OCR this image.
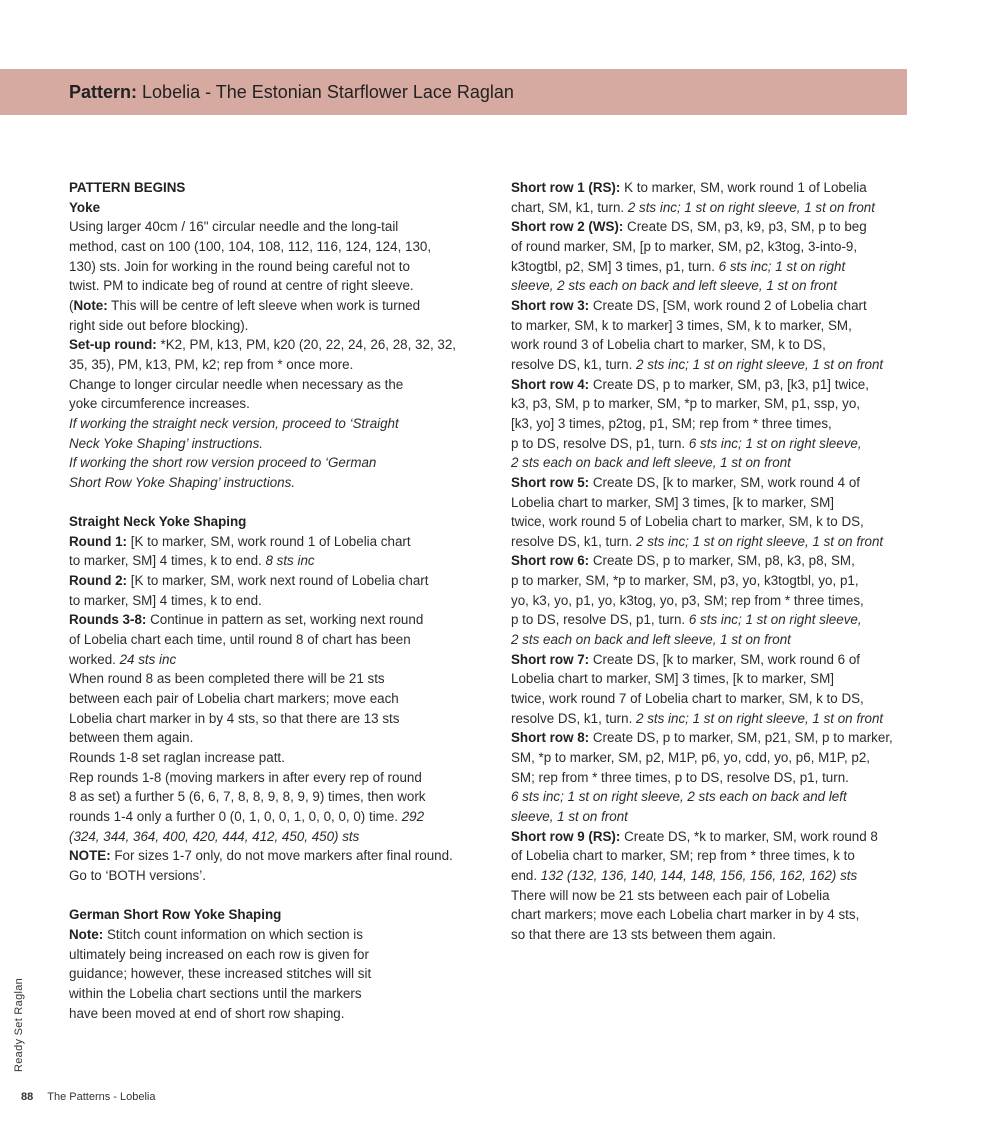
Pattern: Lobelia - The Estonian Starflower Lace Raglan
PATTERN BEGINS
Yoke
Using larger 40cm / 16" circular needle and the long-tail
method, cast on 100 (100, 104, 108, 112, 116, 124, 124, 130,
130) sts. Join for working in the round being careful not to
twist. PM to indicate beg of round at centre of right sleeve.
(Note: This will be centre of left sleeve when work is turned
right side out before blocking).
Set-up round: *K2, PM, k13, PM, k20 (20, 22, 24, 26, 28, 32, 32,
35, 35), PM, k13, PM, k2; rep from * once more.
Change to longer circular needle when necessary as the
yoke circumference increases.
If working the straight neck version, proceed to ‘Straight
Neck Yoke Shaping’ instructions.
If working the short row version proceed to ‘German
Short Row Yoke Shaping’ instructions.
Straight Neck Yoke Shaping
Round 1: [K to marker, SM, work round 1 of Lobelia chart
to marker, SM] 4 times, k to end. 8 sts inc
Round 2: [K to marker, SM, work next round of Lobelia chart
to marker, SM] 4 times, k to end.
Rounds 3-8: Continue in pattern as set, working next round
of Lobelia chart each time, until round 8 of chart has been
worked. 24 sts inc
When round 8 as been completed there will be 21 sts
between each pair of Lobelia chart markers; move each
Lobelia chart marker in by 4 sts, so that there are 13 sts
between them again.
Rounds 1-8 set raglan increase patt.
Rep rounds 1-8 (moving markers in after every rep of round
8 as set) a further 5 (6, 6, 7, 8, 8, 9, 8, 9, 9) times, then work
rounds 1-4 only a further 0 (0, 1, 0, 0, 1, 0, 0, 0, 0) time. 292
(324, 344, 364, 400, 420, 444, 412, 450, 450) sts
NOTE: For sizes 1-7 only, do not move markers after final round.
Go to ‘BOTH versions’.
German Short Row Yoke Shaping
Note: Stitch count information on which section is
ultimately being increased on each row is given for
guidance; however, these increased stitches will sit
within the Lobelia chart sections until the markers
have been moved at end of short row shaping.
Short row 1 (RS): K to marker, SM, work round 1 of Lobelia
chart, SM, k1, turn. 2 sts inc; 1 st on right sleeve, 1 st on front
Short row 2 (WS): Create DS, SM, p3, k9, p3, SM, p to beg
of round marker, SM, [p to marker, SM, p2, k3tog, 3-into-9,
k3togtbl, p2, SM] 3 times, p1, turn. 6 sts inc; 1 st on right
sleeve, 2 sts each on back and left sleeve, 1 st on front
Short row 3: Create DS, [SM, work round 2 of Lobelia chart
to marker, SM, k to marker] 3 times, SM, k to marker, SM,
work round 3 of Lobelia chart to marker, SM, k to DS,
resolve DS, k1, turn. 2 sts inc; 1 st on right sleeve, 1 st on front
Short row 4: Create DS, p to marker, SM, p3, [k3, p1] twice,
k3, p3, SM, p to marker, SM, *p to marker, SM, p1, ssp, yo,
[k3, yo] 3 times, p2tog, p1, SM; rep from * three times,
p to DS, resolve DS, p1, turn. 6 sts inc; 1 st on right sleeve,
2 sts each on back and left sleeve, 1 st on front
Short row 5: Create DS, [k to marker, SM, work round 4 of
Lobelia chart to marker, SM] 3 times, [k to marker, SM]
twice, work round 5 of Lobelia chart to marker, SM, k to DS,
resolve DS, k1, turn. 2 sts inc; 1 st on right sleeve, 1 st on front
Short row 6: Create DS, p to marker, SM, p8, k3, p8, SM,
p to marker, SM, *p to marker, SM, p3, yo, k3togtbl, yo, p1,
yo, k3, yo, p1, yo, k3tog, yo, p3, SM; rep from * three times,
p to DS, resolve DS, p1, turn. 6 sts inc; 1 st on right sleeve,
2 sts each on back and left sleeve, 1 st on front
Short row 7: Create DS, [k to marker, SM, work round 6 of
Lobelia chart to marker, SM] 3 times, [k to marker, SM]
twice, work round 7 of Lobelia chart to marker, SM, k to DS,
resolve DS, k1, turn. 2 sts inc; 1 st on right sleeve, 1 st on front
Short row 8: Create DS, p to marker, SM, p21, SM, p to marker,
SM, *p to marker, SM, p2, M1P, p6, yo, cdd, yo, p6, M1P, p2,
SM; rep from * three times, p to DS, resolve DS, p1, turn.
6 sts inc; 1 st on right sleeve, 2 sts each on back and left
sleeve, 1 st on front
Short row 9 (RS): Create DS, *k to marker, SM, work round 8
of Lobelia chart to marker, SM; rep from * three times, k to
end. 132 (132, 136, 140, 144, 148, 156, 156, 162, 162) sts
There will now be 21 sts between each pair of Lobelia
chart markers; move each Lobelia chart marker in by 4 sts,
so that there are 13 sts between them again.
Ready Set Raglan
88 The Patterns - Lobelia
